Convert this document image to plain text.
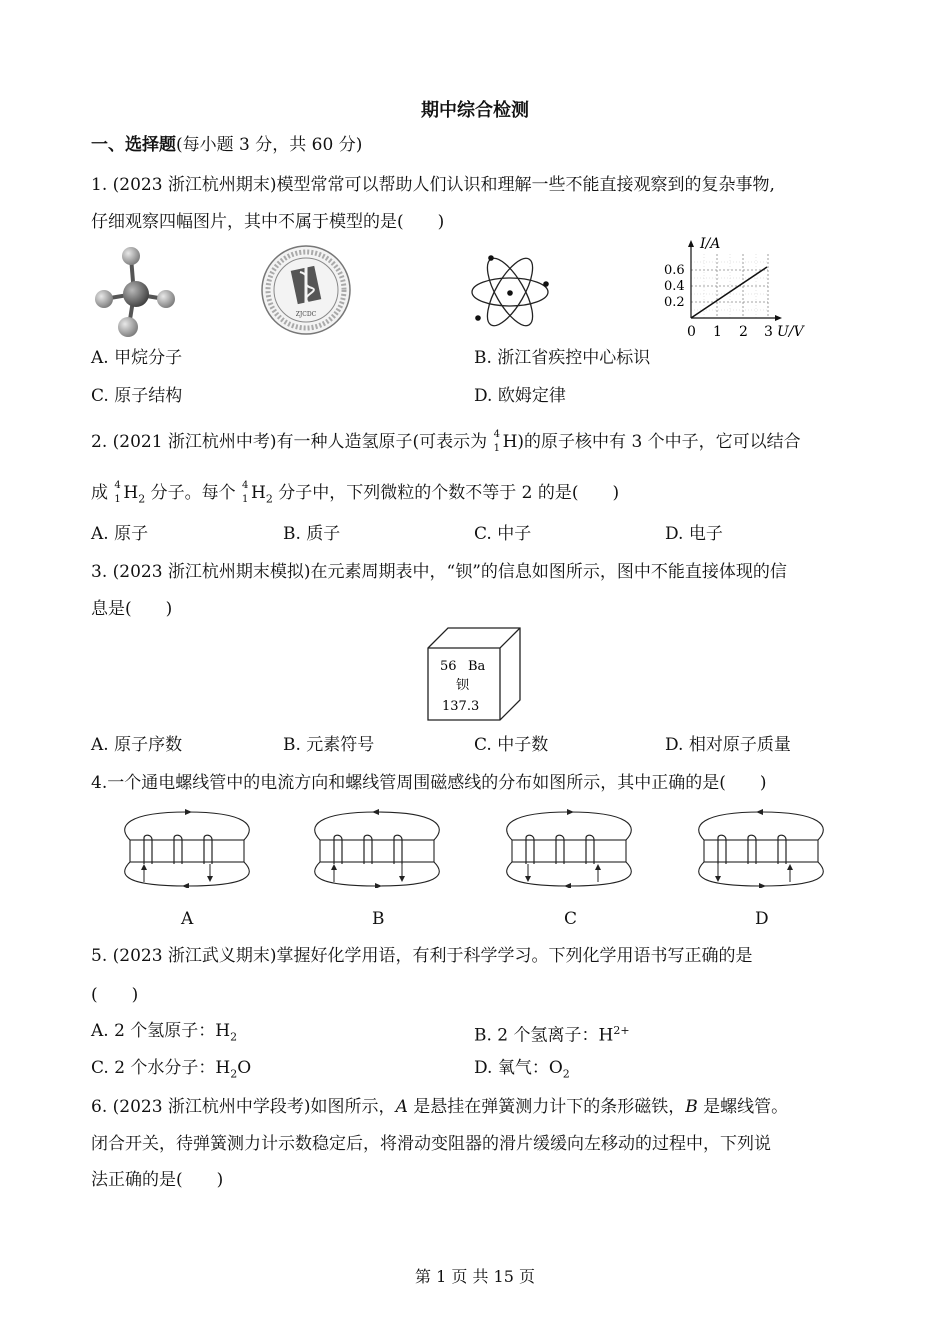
期中综合检测
一、选择题(每小题 3 分，共 60 分)
1. (2023 浙江杭州期末)模型常常可以帮助人们认识和理解一些不能直接观察到的复杂事物,
仔细观察四幅图片，其中不属于模型的是(　　)
ZJCDC
I/A
0.6
0.4
0.2
0 1 2 3 U/V
A. 甲烷分子	B. 浙江省疾控中心标识
C. 原子结构	D. 欧姆定律
2. (2021 浙江杭州中考)有一种人造氢原子(可表示为 4
1 H)的原子核中有 3 个中子，它可以结合
成 4
1 $H_2$ 分子。每个 4
1 $H_2$ 分子中，下列微粒的个数不等于 2 的是(　　)
A. 原子	B. 质子	C. 中子	D. 电子
3. (2023 浙江杭州期末模拟)在元素周期表中，“钡”的信息如图所示，图中不能直接体现的信
息是(　　)
56 Ba
钡
137.3
A. 原子序数	B. 元素符号	C. 中子数	D. 相对原子质量
4.一个通电螺线管中的电流方向和螺线管周围磁感线的分布如图所示，其中正确的是(　　)
A	B	C	D
5. (2023 浙江武义期末)掌握好化学用语，有利于科学学习。下列化学用语书写正确的是
(　　)
A. 2 个氢原子：$H_2$	B. 2 个氢离子：$H^{2+}$
C. 2 个水分子：$H_2O$	D. 氧气：$O_2$
6. (2023 浙江杭州中学段考)如图所示，A 是悬挂在弹簧测力计下的条形磁铁，B 是螺线管。
闭合开关，待弹簧测力计示数稳定后，将滑动变阻器的滑片缓缓向左移动的过程中，下列说
法正确的是(　　)
第 1 页 共 15 页
